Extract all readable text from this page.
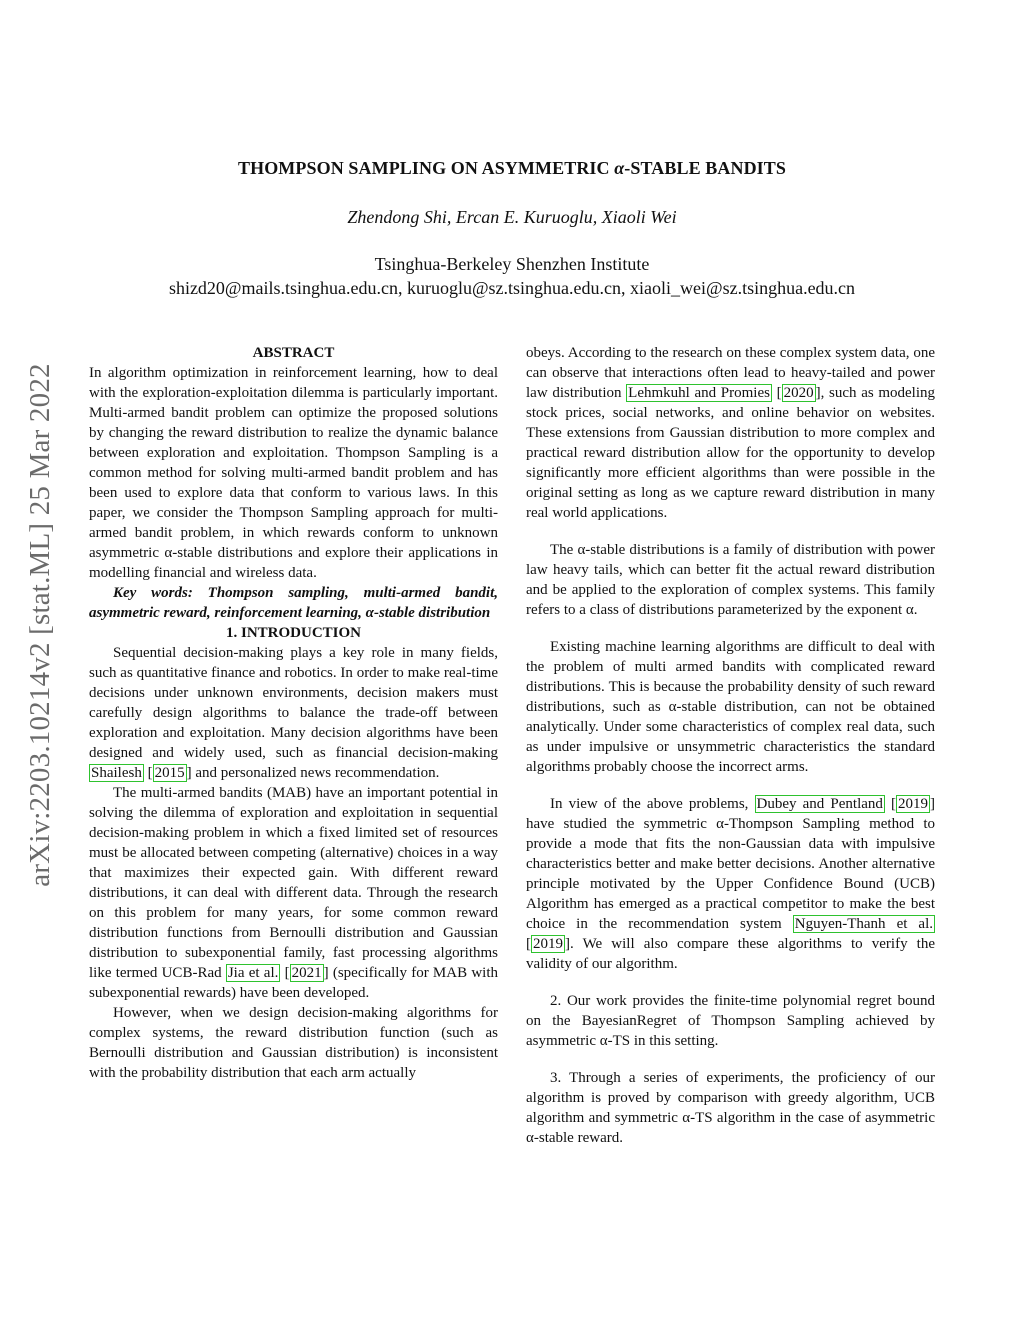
arXiv:2203.10214v2 [stat.ML] 25 Mar 2022
THOMPSON SAMPLING ON ASYMMETRIC α-STABLE BANDITS
Zhendong Shi, Ercan E. Kuruoglu, Xiaoli Wei
Tsinghua-Berkeley Shenzhen Institute
shizd20@mails.tsinghua.edu.cn, kuruoglu@sz.tsinghua.edu.cn, xiaoli_wei@sz.tsinghua.edu.cn

ABSTRACT

In algorithm optimization in reinforcement learning, how to deal with the exploration-exploitation dilemma is particularly important. Multi-armed bandit problem can optimize the proposed solutions by changing the reward distribution to realize the dynamic balance between exploration and exploitation. Thompson Sampling is a common method for solving multi-armed bandit problem and has been used to explore data that conform to various laws. In this paper, we consider the Thompson Sampling approach for multi-armed bandit problem, in which rewards conform to unknown asymmetric α-stable distributions and explore their applications in modelling financial and wireless data.

Key words: Thompson sampling, multi-armed bandit, asymmetric reward, reinforcement learning, α-stable distribution

1. INTRODUCTION

Sequential decision-making plays a key role in many fields, such as quantitative finance and robotics. In order to make real-time decisions under unknown environments, decision makers must carefully design algorithms to balance the trade-off between exploration and exploitation. Many decision algorithms have been designed and widely used, such as financial decision-making Shailesh [ 2015 ] and personalized news recommendation.

The multi-armed bandits (MAB) have an important potential in solving the dilemma of exploration and exploitation in sequential decision-making problem in which a fixed limited set of resources must be allocated between competing (alternative) choices in a way that maximizes their expected gain. With different reward distributions, it can deal with different data. Through the research on this problem for many years, for some common reward distribution functions from Bernoulli distribution and Gaussian distribution to subexponential family, fast processing algorithms like termed UCB-Rad Jia et al. [ 2021 ] (specifically for MAB with subexponential rewards) have been developed.

However, when we design decision-making algorithms for complex systems, the reward distribution function (such as Bernoulli distribution and Gaussian distribution) is inconsistent with the probability distribution that each arm actually

obeys. According to the research on these complex system data, one can observe that interactions often lead to heavy-tailed and power law distribution Lehmkuhl and Promies [ 2020 ], such as modeling stock prices, social networks, and online behavior on websites. These extensions from Gaussian distribution to more complex and practical reward distribution allow for the opportunity to develop significantly more efficient algorithms than were possible in the original setting as long as we capture reward distribution in many real world applications.

The α-stable distributions is a family of distribution with power law heavy tails, which can better fit the actual reward distribution and be applied to the exploration of complex systems. This family refers to a class of distributions parameterized by the exponent α.

Existing machine learning algorithms are difficult to deal with the problem of multi armed bandits with complicated reward distributions. This is because the probability density of such reward distributions, such as α-stable distribution, can not be obtained analytically. Under some characteristics of complex real data, such as under impulsive or unsymmetric characteristics the standard algorithms probably choose the incorrect arms.

In view of the above problems, Dubey and Pentland [ 2019 ] have studied the symmetric α-Thompson Sampling method to provide a mode that fits the non-Gaussian data with impulsive characteristics better and make better decisions. Another alternative principle motivated by the Upper Confidence Bound (UCB) Algorithm has emerged as a practical competitor to make the best choice in the recommendation system Nguyen-Thanh et al. [ 2019 ]. We will also compare these algorithms to verify the validity of our algorithm.

2. Our work provides the finite-time polynomial regret bound on the BayesianRegret of Thompson Sampling achieved by asymmetric α-TS in this setting.

3. Through a series of experiments, the proficiency of our algorithm is proved by comparison with greedy algorithm, UCB algorithm and symmetric α-TS algorithm in the case of asymmetric α-stable reward.
